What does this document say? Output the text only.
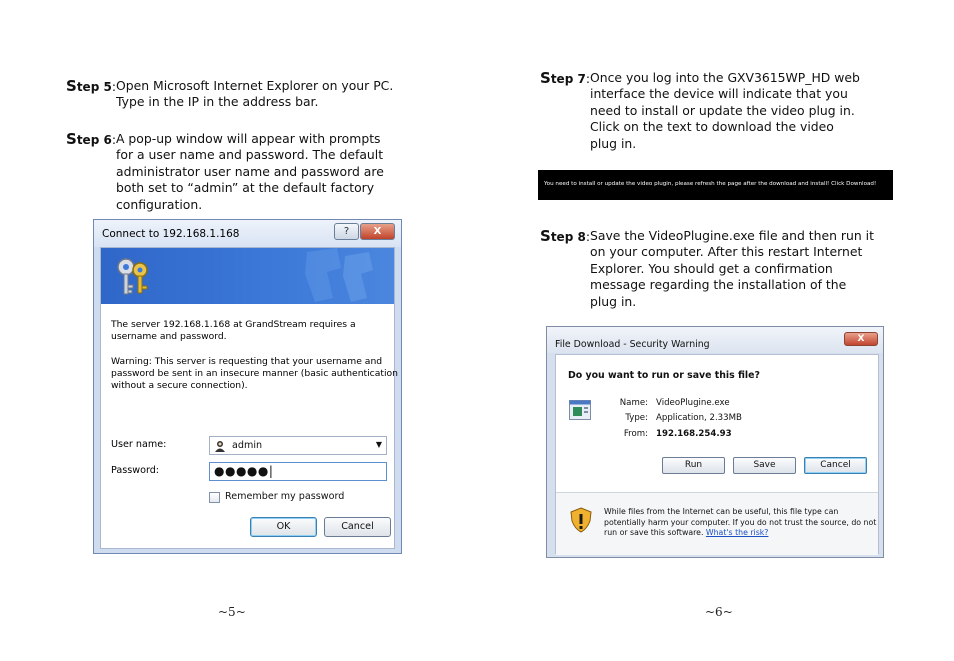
Step 5: Open Microsoft Internet Explorer on your PC.
Type in the IP in the address bar.
Step 6: A pop-up window will appear with prompts
for a user name and password. The default
administrator user name and password are
both set to “admin” at the default factory
configuration.
Connect to 192.168.1.168	?	X
The server 192.168.1.168 at GrandStream requires a
username and password.
Warning: This server is requesting that your username and
password be sent in an insecure manner (basic authentication
without a secure connection).
User name:	admin	▼
Password:	●●●●●|
Remember my password
OK	Cancel
~5~
Step 7: Once you log into the GXV3615WP_HD web
interface the device will indicate that you
need to install or update the video plug in.
Click on the text to download the video
plug in.
You need to install or update the video plugin, please refresh the page after the download and install! Click Download!
Step 8: Save the VideoPlugine.exe file and then run it
on your computer. After this restart Internet
Explorer. You should get a confirmation
message regarding the installation of the
plug in.
File Download - Security Warning	X
Do you want to run or save this file?
Name: VideoPlugine.exe
Type: Application, 2.33MB
From: 192.168.254.93
Run	Save	Cancel
While files from the Internet can be useful, this file type can
potentially harm your computer. If you do not trust the source, do not
run or save this software. What's the risk?
~6~
